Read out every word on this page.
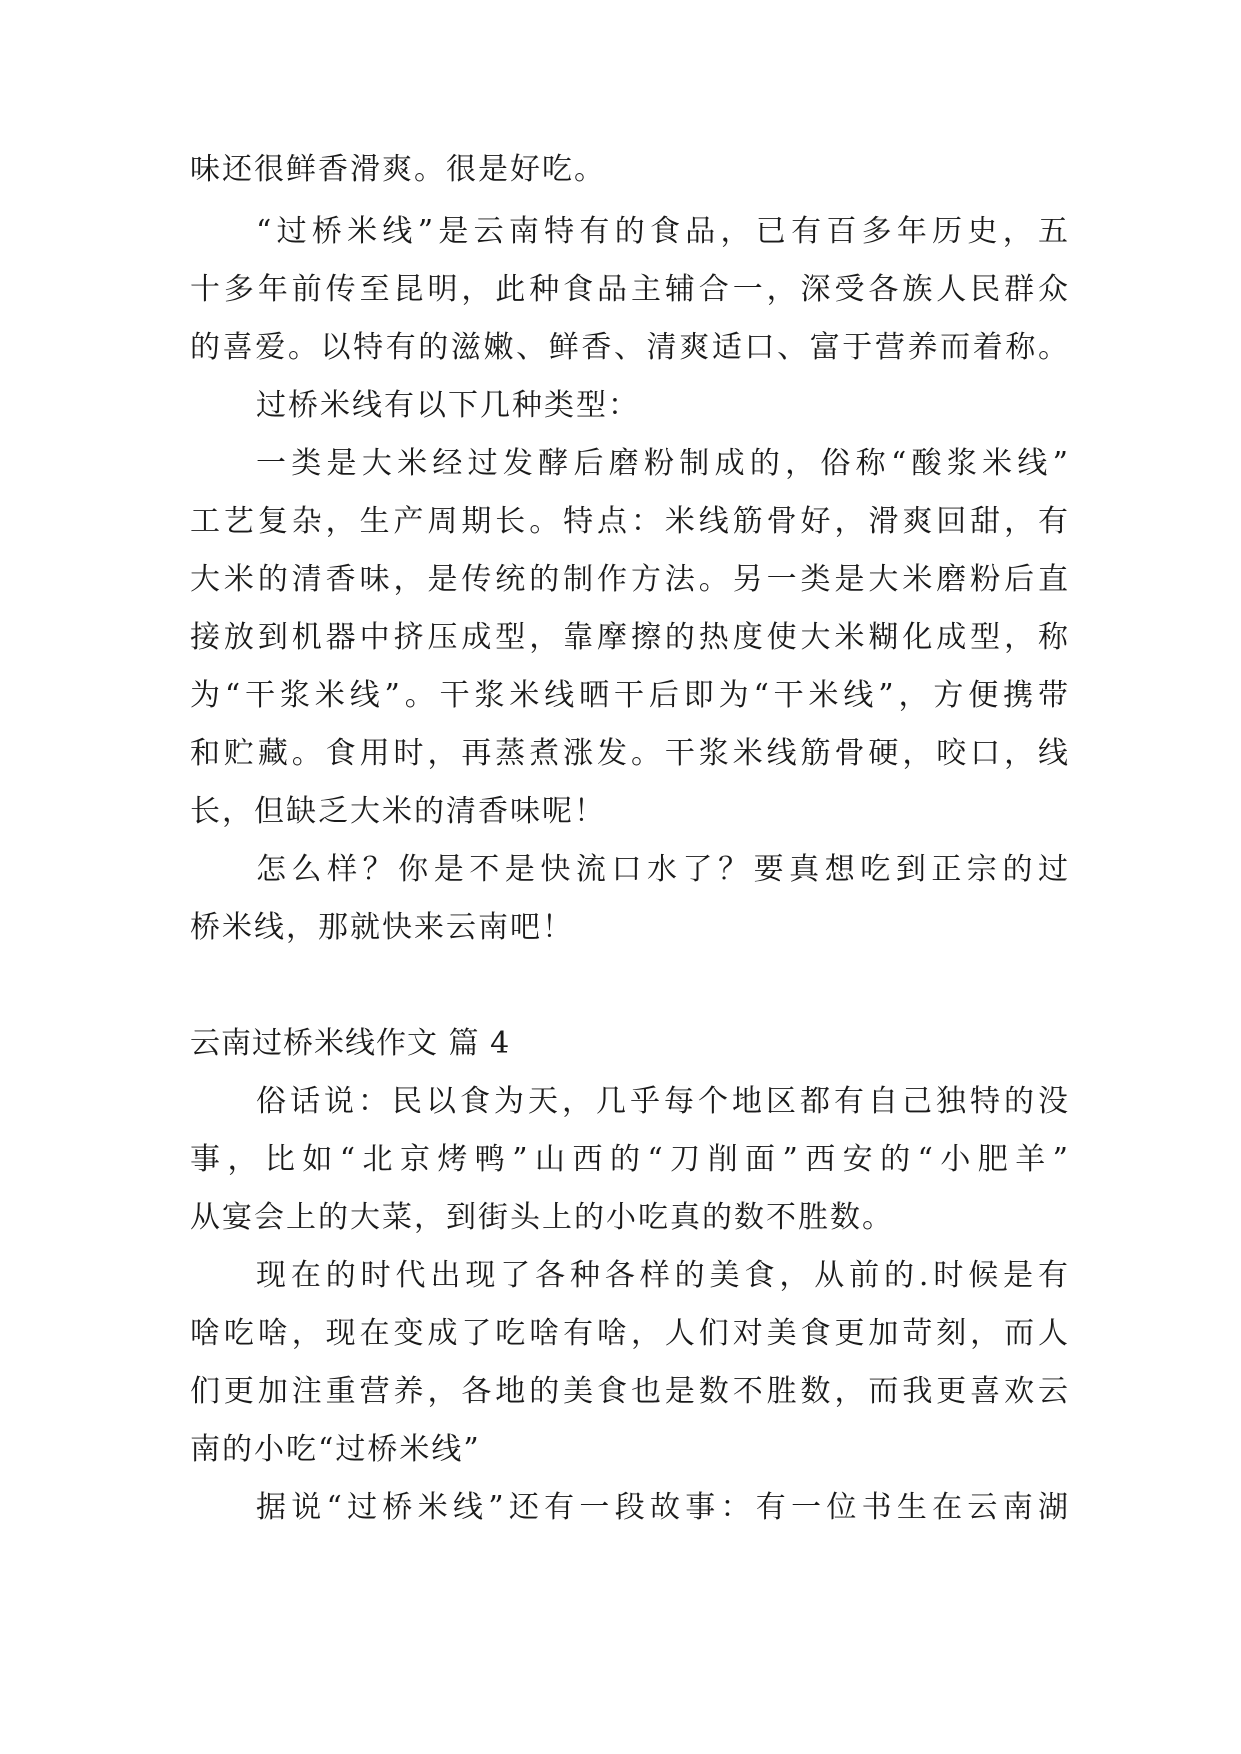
味还很鲜香滑爽。很是好吃。
“过桥米线”是云南特有的食品，已有百多年历史，五
十多年前传至昆明，此种食品主辅合一，深受各族人民群众
的喜爱。以特有的滋嫩、鲜香、清爽适口、富于营养而着称。
过桥米线有以下几种类型：
一类是大米经过发酵后磨粉制成的，俗称“酸浆米线”
工艺复杂，生产周期长。特点：米线筋骨好，滑爽回甜，有
大米的清香味，是传统的制作方法。另一类是大米磨粉后直
接放到机器中挤压成型，靠摩擦的热度使大米糊化成型，称
为“干浆米线”。干浆米线晒干后即为“干米线”，方便携带
和贮藏。食用时，再蒸煮涨发。干浆米线筋骨硬，咬口，线
长，但缺乏大米的清香味呢！
怎么样？你是不是快流口水了？要真想吃到正宗的过
桥米线，那就快来云南吧！
云南过桥米线作文 篇 4
俗话说：民以食为天，几乎每个地区都有自己独特的没
事，比如“北京烤鸭”山西的“刀削面”西安的“小肥羊”
从宴会上的大菜，到街头上的小吃真的数不胜数。
现在的时代出现了各种各样的美食，从前的.时候是有
啥吃啥，现在变成了吃啥有啥，人们对美食更加苛刻，而人
们更加注重营养，各地的美食也是数不胜数，而我更喜欢云
南的小吃“过桥米线”
据说“过桥米线”还有一段故事：有一位书生在云南湖
